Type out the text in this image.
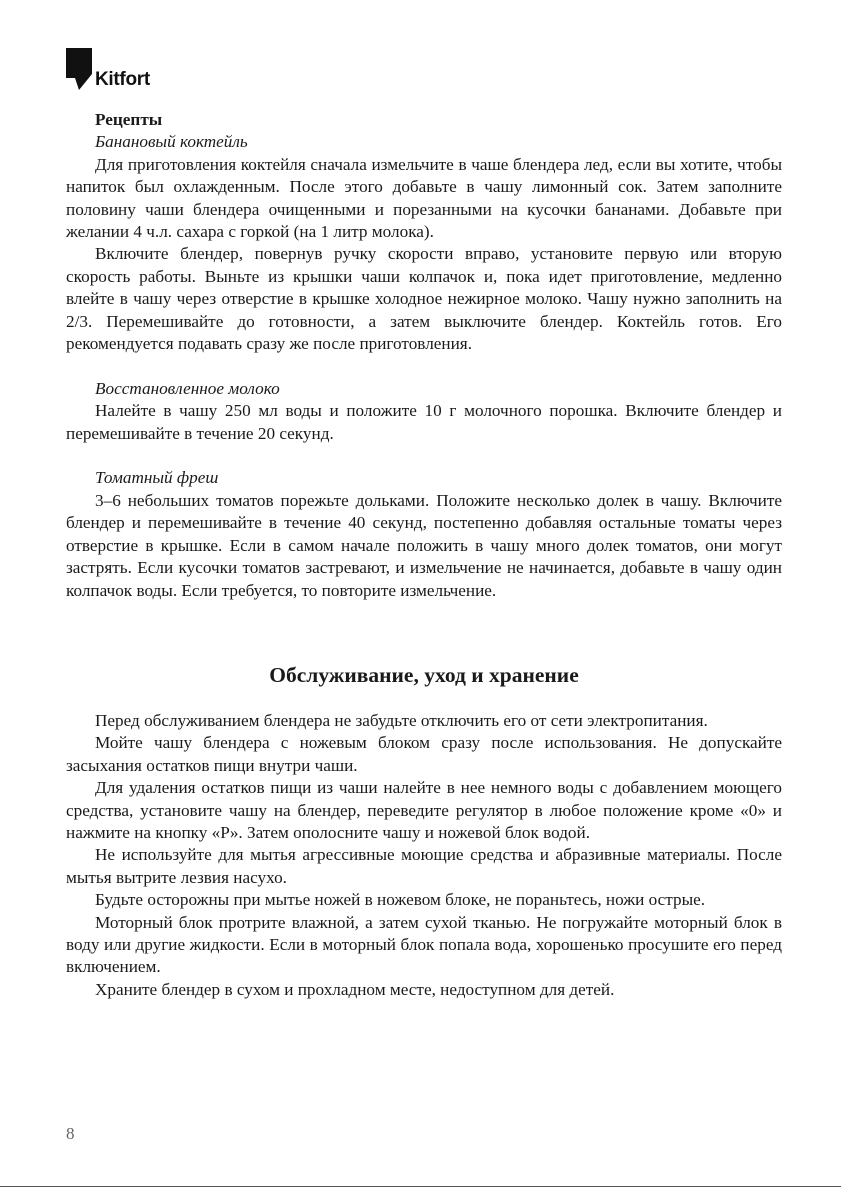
Kitfort
Рецепты
Банановый коктейль

Для приготовления коктейля сначала измельчите в чаше блендера лед, если вы хотите, чтобы напиток был охлажденным. После этого добавьте в чашу лимонный сок. Затем заполните половину чаши блендера очищенными и порезанными на кусочки бананами. Добавьте при желании 4 ч.л. сахара с горкой (на 1 литр молока).

Включите блендер, повернув ручку скорости вправо, установите первую или вторую скорость работы. Выньте из крышки чаши колпачок и, пока идет приготовление, медленно влейте в чашу через отверстие в крышке холодное нежирное молоко. Чашу нужно заполнить на 2/3. Перемешивайте до готовности, а затем выключите блендер. Коктейль готов. Его рекомендуется подавать сразу же после приготовления.

Восстановленное молоко

Налейте в чашу 250 мл воды и положите 10 г молочного порошка. Включите блендер и перемешивайте в течение 20 секунд.

Томатный фреш

3–6 небольших томатов порежьте дольками. Положите несколько долек в чашу. Включите блендер и перемешивайте в течение 40 секунд, постепенно добавляя остальные томаты через отверстие в крышке. Если в самом начале положить в чашу много долек томатов, они могут застрять. Если кусочки томатов застревают, и измельчение не начинается, добавьте в чашу один колпачок воды. Если требуется, то повторите измельчение.

Обслуживание, уход и хранение

Перед обслуживанием блендера не забудьте отключить его от сети электропитания.

Мойте чашу блендера с ножевым блоком сразу после использования. Не допускайте засыхания остатков пищи внутри чаши.

Для удаления остатков пищи из чаши налейте в нее немного воды с добавлением моющего средства, установите чашу на блендер, переведите регулятор в любое положение кроме «0» и нажмите на кнопку «P». Затем ополосните чашу и ножевой блок водой.

Не используйте для мытья агрессивные моющие средства и абразивные материалы. После мытья вытрите лезвия насухо.

Будьте осторожны при мытье ножей в ножевом блоке, не пораньтесь, ножи острые.

Моторный блок протрите влажной, а затем сухой тканью. Не погружайте моторный блок в воду или другие жидкости. Если в моторный блок попала вода, хорошенько просушите его перед включением.

Храните блендер в сухом и прохладном месте, недоступном для детей.

8
